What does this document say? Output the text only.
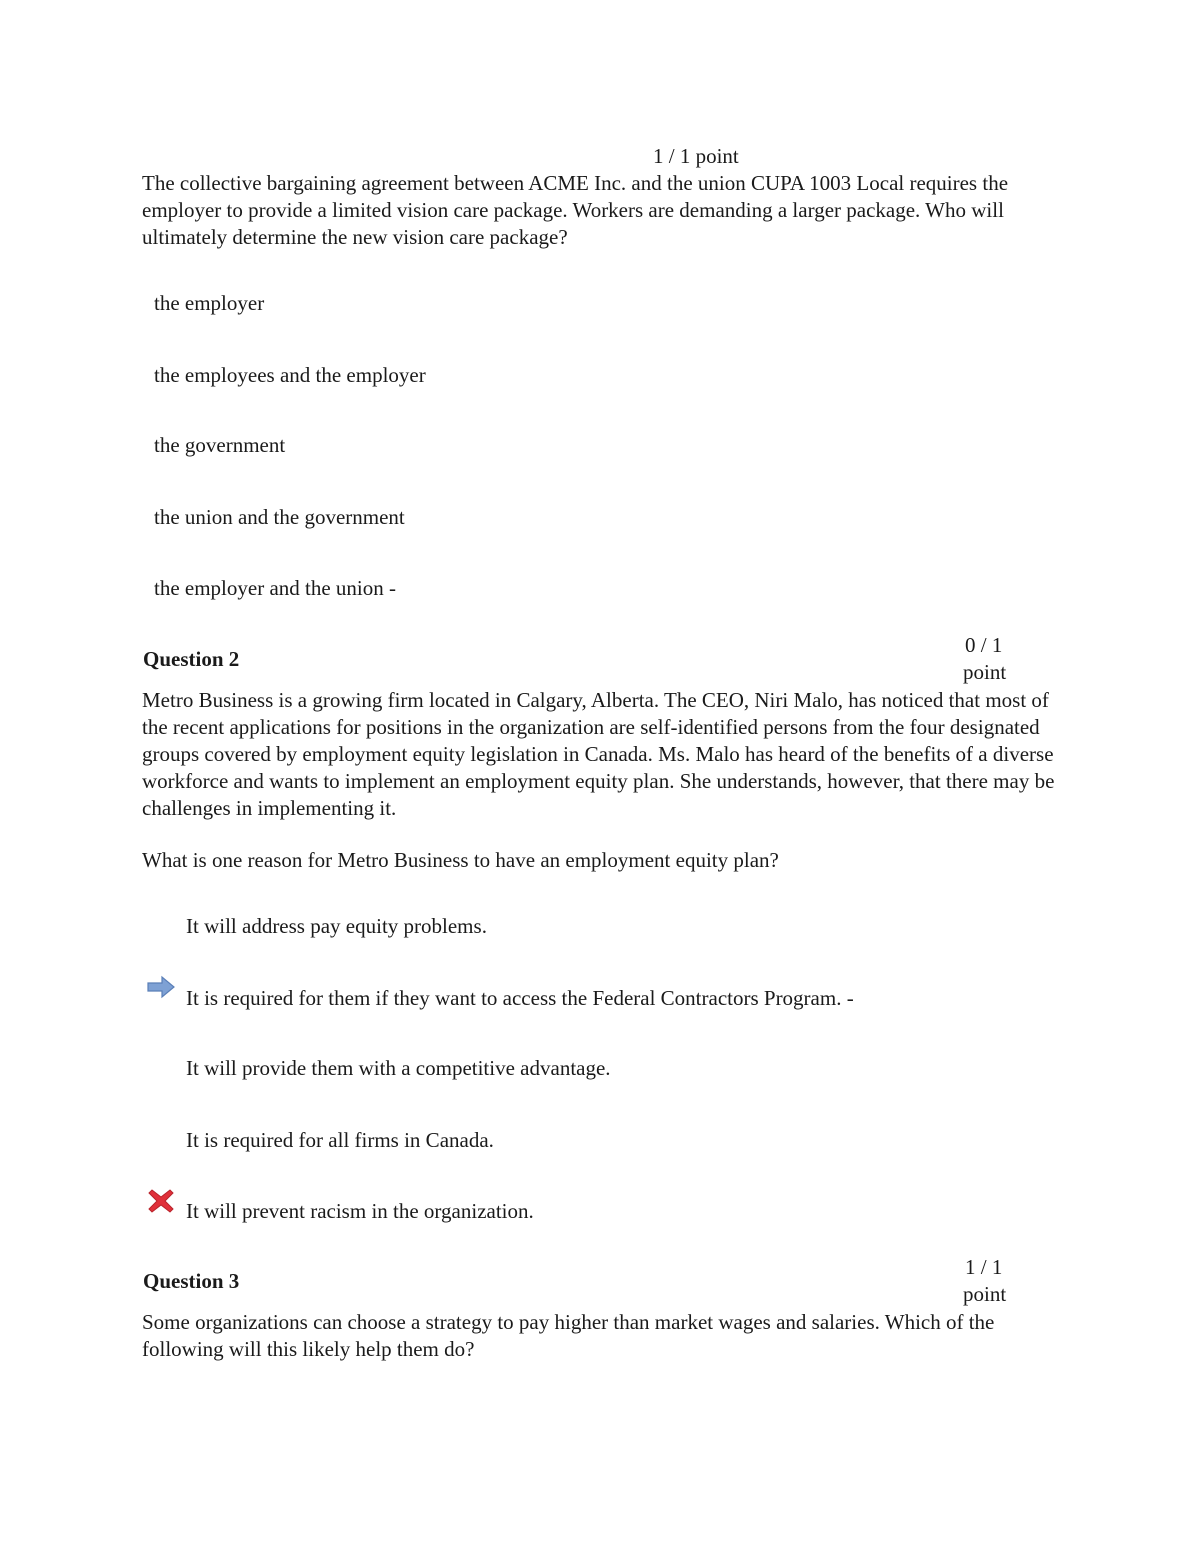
1 / 1 point
The collective bargaining agreement between ACME Inc. and the union CUPA 1003 Local requires the employer to provide a limited vision care package. Workers are demanding a larger package. Who will ultimately determine the new vision care package?
the employer
the employees and the employer
the government
the union and the government
the employer and the union -
Question 2
0 / 1
point
Metro Business is a growing firm located in Calgary, Alberta. The CEO, Niri Malo, has noticed that most of the recent applications for positions in the organization are self-identified persons from the four designated groups covered by employment equity legislation in Canada. Ms. Malo has heard of the benefits of a diverse workforce and wants to implement an employment equity plan. She understands, however, that there may be challenges in implementing it.
What is one reason for Metro Business to have an employment equity plan?
It will address pay equity problems.
It is required for them if they want to access the Federal Contractors Program. -
It will provide them with a competitive advantage.
It is required for all firms in Canada.
It will prevent racism in the organization.
Question 3
1 / 1
point
Some organizations can choose a strategy to pay higher than market wages and salaries. Which of the following will this likely help them do?
